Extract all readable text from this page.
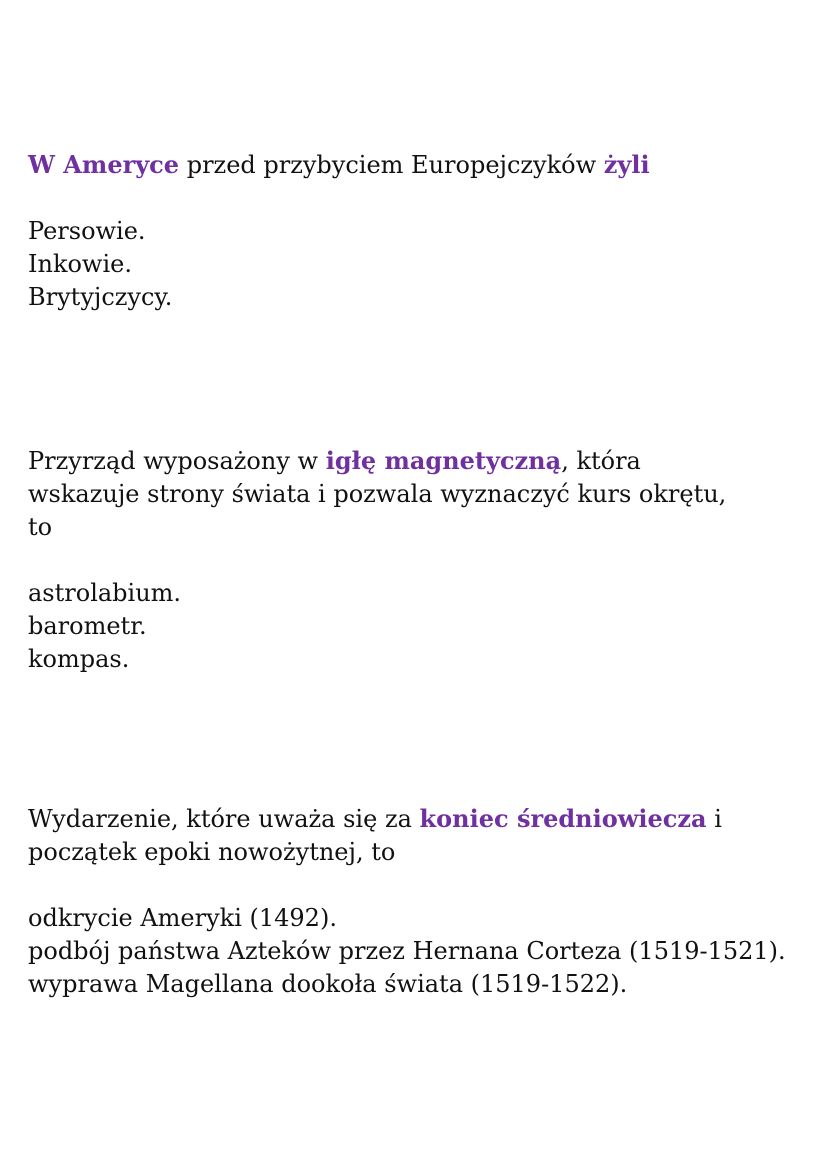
W Ameryce przed przybyciem Europejczyków żyli
Persowie.
Inkowie.
Brytyjczycy.
Przyrząd wyposażony w igłę magnetyczną, która wskazuje strony świata i pozwala wyznaczyć kurs okrętu, to
astrolabium.
barometr.
kompas.
Wydarzenie, które uważa się za koniec średniowiecza i początek epoki nowożytnej, to
odkrycie Ameryki (1492).
podbój państwa Azteków przez Hernana Corteza (1519-1521).
wyprawa Magellana dookoła świata (1519-1522).
